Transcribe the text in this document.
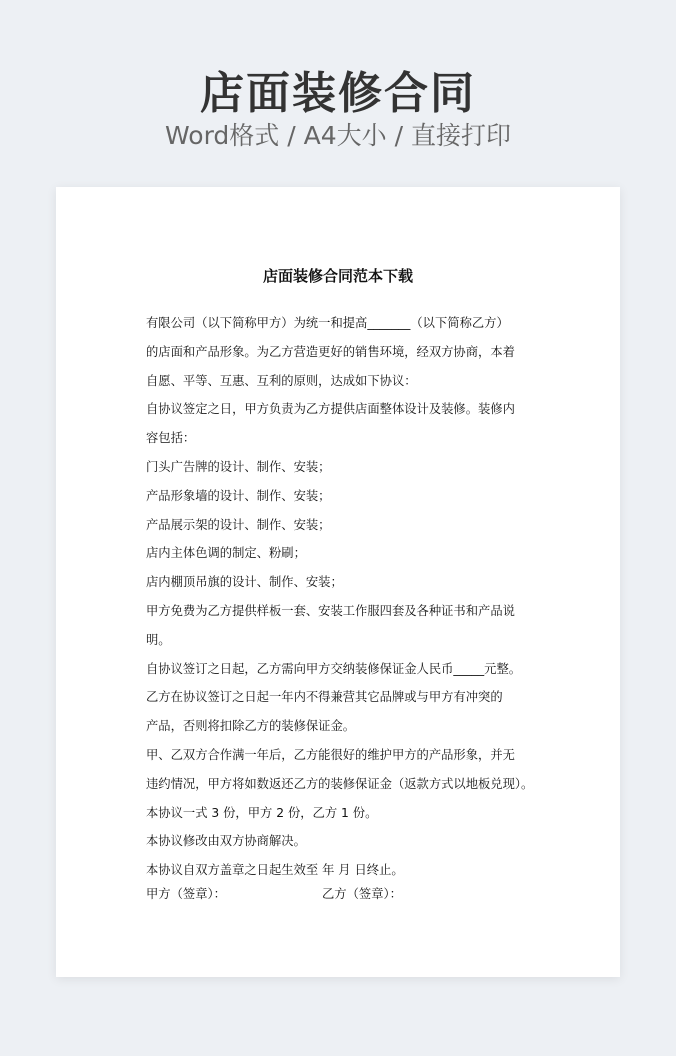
店面装修合同
Word格式 / A4大小 / 直接打印
店面装修合同范本下载
有限公司（以下简称甲方）为统一和提高_______（以下简称乙方）
的店面和产品形象。为乙方营造更好的销售环境，经双方协商，本着
自愿、平等、互惠、互利的原则，达成如下协议：
自协议签定之日，甲方负责为乙方提供店面整体设计及装修。装修内
容包括：
门头广告牌的设计、制作、安装；
产品形象墙的设计、制作、安装；
产品展示架的设计、制作、安装；
店内主体色调的制定、粉刷；
店内棚顶吊旗的设计、制作、安装；
甲方免费为乙方提供样板一套、安装工作服四套及各种证书和产品说
明。
自协议签订之日起，乙方需向甲方交纳装修保证金人民币_____元整。
乙方在协议签订之日起一年内不得兼营其它品牌或与甲方有冲突的
产品，否则将扣除乙方的装修保证金。
甲、乙双方合作满一年后，乙方能很好的维护甲方的产品形象，并无
违约情况，甲方将如数返还乙方的装修保证金（返款方式以地板兑现）。
本协议一式 3 份，甲方 2 份，乙方 1 份。
本协议修改由双方协商解决。
本协议自双方盖章之日起生效至 年 月 日终止。
甲方（签章）：	乙方（签章）：
